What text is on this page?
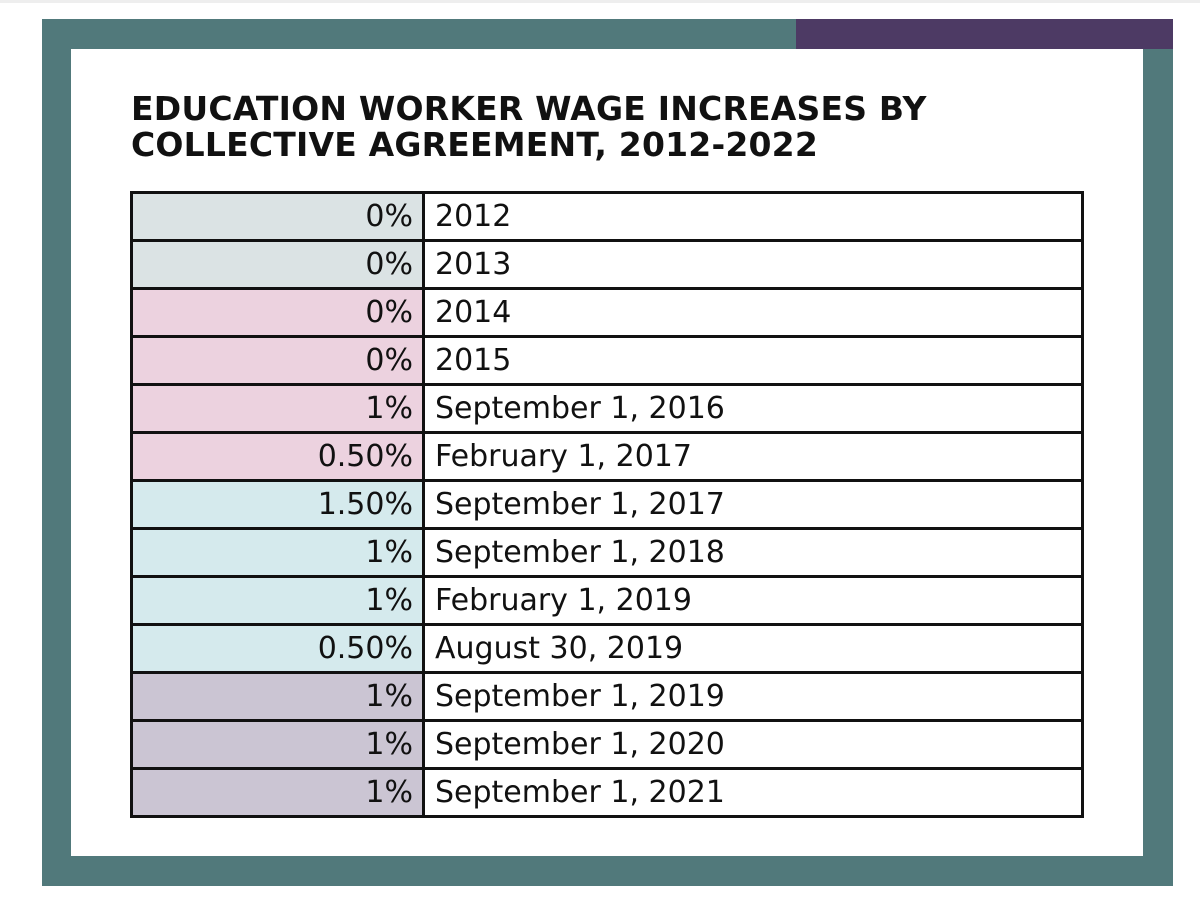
EDUCATION WORKER WAGE INCREASES BY
COLLECTIVE AGREEMENT, 2012-2022
0%	2012
0%	2013
0%	2014
0%	2015
1%	September 1, 2016
0.50%	February 1, 2017
1.50%	September 1, 2017
1%	September 1, 2018
1%	February 1, 2019
0.50%	August 30, 2019
1%	September 1, 2019
1%	September 1, 2020
1%	September 1, 2021
